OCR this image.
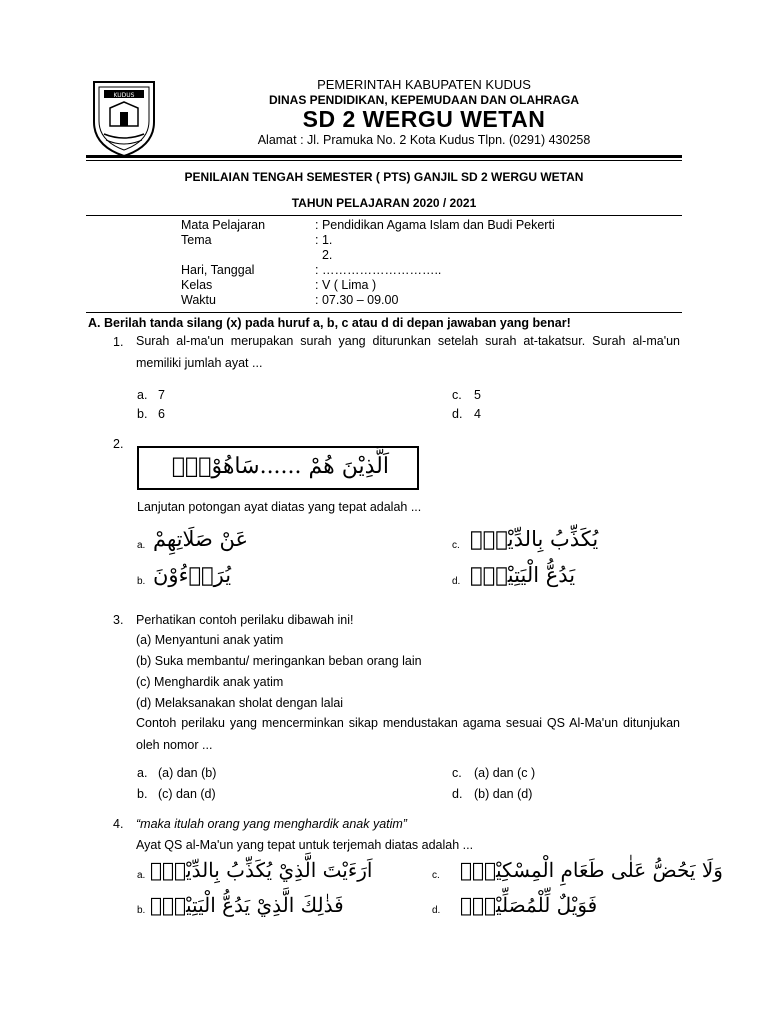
KUDUS
PEMERINTAH KABUPATEN KUDUS
DINAS PENDIDIKAN, KEPEMUDAAN DAN OLAHRAGA
SD 2 WERGU WETAN
Alamat : Jl. Pramuka No. 2 Kota Kudus Tlpn. (0291) 430258
PENILAIAN TENGAH SEMESTER ( PTS) GANJIL SD 2 WERGU WETAN
TAHUN PELAJARAN 2020 / 2021
Mata Pelajaran	: Pendidikan Agama Islam dan Budi Pekerti
Tema	: 1.
2.
Hari, Tanggal	: ………………………..
Kelas	: V ( Lima )
Waktu	: 07.30 – 09.00
A. Berilah tanda silang (x) pada huruf a, b, c atau d di depan jawaban yang benar!
1. Surah al-ma'un merupakan surah yang diturunkan setelah surah at-takatsur. Surah al-ma'un memiliki jumlah ayat ...
a. 7
b. 6
c. 5
d. 4
2.
اَلَّذِيْنَ هُمْ ......سَاهُوْنَۙ
Lanjutan potongan ayat diatas yang tepat adalah ...
a. عَنْ صَلَاتِهِمْ
b. يُرَاۤءُوْنَ
c. يُكَذِّبُ بِالدِّيْنِۗ
d. يَدُعُّ الْيَتِيْمَۙ
3. Perhatikan contoh perilaku dibawah ini!
(a) Menyantuni anak yatim
(b) Suka membantu/ meringankan beban orang lain
(c) Menghardik anak yatim
(d) Melaksanakan sholat dengan lalai
Contoh perilaku yang mencerminkan sikap mendustakan agama sesuai QS Al-Ma'un ditunjukan oleh nomor ...
a. (a) dan (b)
b. (c) dan (d)
c. (a) dan (c )
d. (b) dan (d)
4. “maka itulah orang yang menghardik anak yatim”
Ayat QS al-Ma'un yang tepat untuk terjemah diatas adalah ...
a. اَرَءَيْتَ الَّذِيْ يُكَذِّبُ بِالدِّيْنِۗ
b. فَذٰلِكَ الَّذِيْ يَدُعُّ الْيَتِيْمَۙ
c. وَلَا يَحُضُّ عَلٰى طَعَامِ الْمِسْكِيْنِۗ
d. فَوَيْلٌ لِّلْمُصَلِّيْنَۙ
